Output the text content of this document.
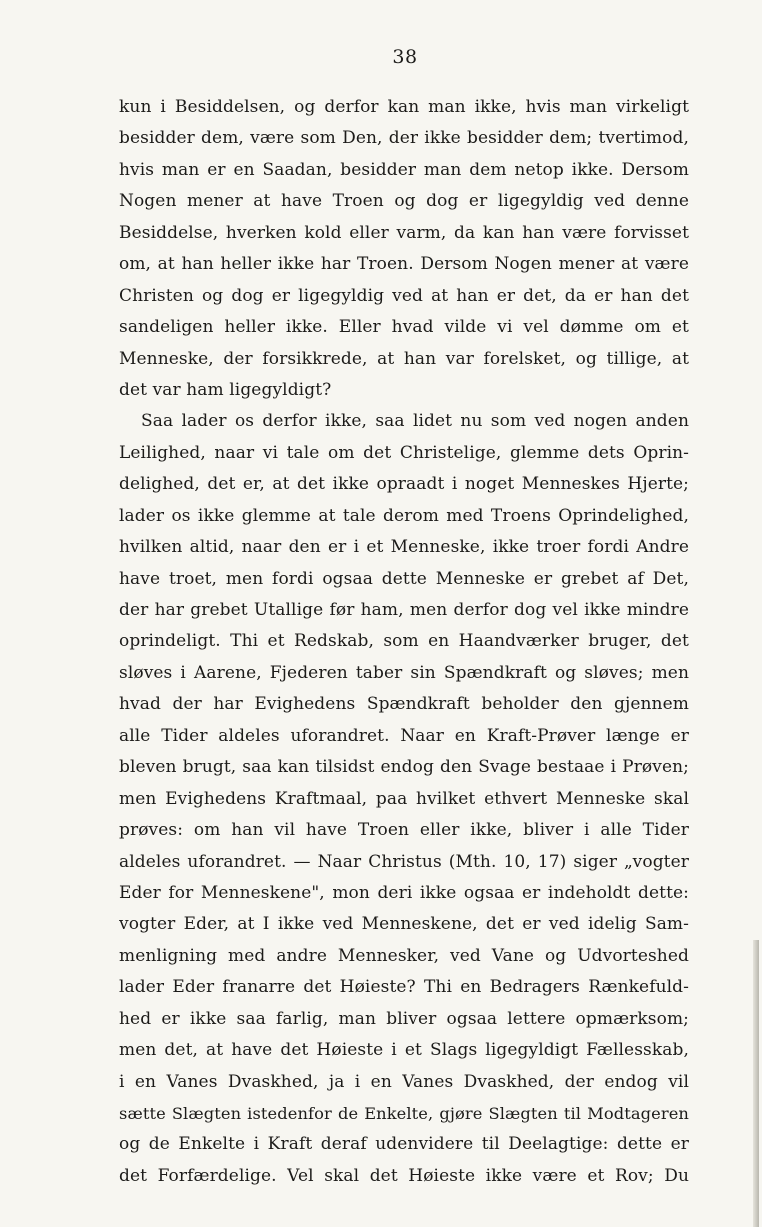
38
kun i Besiddelsen, og derfor kan man ikke, hvis man virkeligt
besidder dem, være som Den, der ikke besidder dem; tvertimod,
hvis man er en Saadan, besidder man dem netop ikke. Dersom
Nogen mener at have Troen og dog er ligegyldig ved denne
Besiddelse, hverken kold eller varm, da kan han være forvisset
om, at han heller ikke har Troen. Dersom Nogen mener at være
Christen og dog er ligegyldig ved at han er det, da er han det
sandeligen heller ikke. Eller hvad vilde vi vel dømme om et
Menneske, der forsikkrede, at han var forelsket, og tillige, at
det var ham ligegyldigt?
Saa lader os derfor ikke, saa lidet nu som ved nogen anden
Leilighed, naar vi tale om det Christelige, glemme dets Oprin-
delighed, det er, at det ikke opraadt i noget Menneskes Hjerte;
lader os ikke glemme at tale derom med Troens Oprindelighed,
hvilken altid, naar den er i et Menneske, ikke troer fordi Andre
have troet, men fordi ogsaa dette Menneske er grebet af Det,
der har grebet Utallige før ham, men derfor dog vel ikke mindre
oprindeligt. Thi et Redskab, som en Haandværker bruger, det
sløves i Aarene, Fjederen taber sin Spændkraft og sløves; men
hvad der har Evighedens Spændkraft beholder den gjennem
alle Tider aldeles uforandret. Naar en Kraft-Prøver længe er
bleven brugt, saa kan tilsidst endog den Svage bestaae i Prøven;
men Evighedens Kraftmaal, paa hvilket ethvert Menneske skal
prøves: om han vil have Troen eller ikke, bliver i alle Tider
aldeles uforandret. — Naar Christus (Mth. 10, 17) siger „vogter
Eder for Menneskene", mon deri ikke ogsaa er indeholdt dette:
vogter Eder, at I ikke ved Menneskene, det er ved idelig Sam-
menligning med andre Mennesker, ved Vane og Udvorteshed
lader Eder franarre det Høieste? Thi en Bedragers Rænkefuld-
hed er ikke saa farlig, man bliver ogsaa lettere opmærksom;
men det, at have det Høieste i et Slags ligegyldigt Fællesskab,
i en Vanes Dvaskhed, ja i en Vanes Dvaskhed, der endog vil
sætte Slægten istedenfor de Enkelte, gjøre Slægten til Modtageren
og de Enkelte i Kraft deraf udenvidere til Deelagtige: dette er
det Forfærdelige. Vel skal det Høieste ikke være et Rov; Du
